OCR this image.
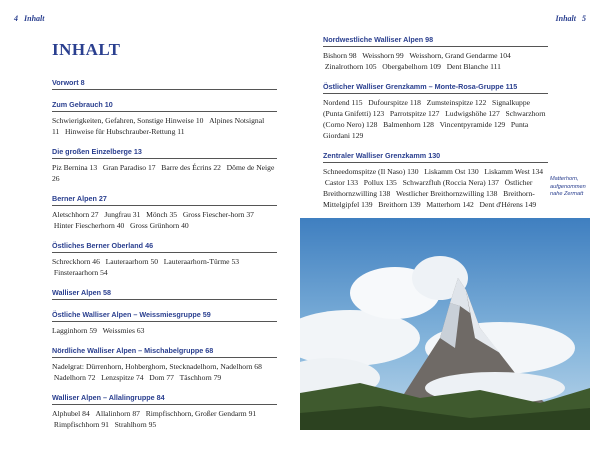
4 Inhalt	Inhalt 5
INHALT
Vorwort 8
Zum Gebrauch 10
Schwierigkeiten, Gefahren, Sonstige Hinweise 10  Alpines Notsignal 11  Hinweise für Hubschrauber-Rettung 11
Die großen Einzelberge 13
Piz Bernina 13  Gran Paradiso 17  Barre des Écrins 22  Dôme de Neige 26
Berner Alpen 27
Aletschhorn 27  Jungfrau 31  Mönch 35  Gross Fiescher-horn 37  Hinter Fiescherhorn 40  Gross Grünhorn 40
Östliches Berner Oberland 46
Schreckhorn 46  Lauteraarhorn 50  Lauteraarhorn-Türme 53  Finsteraarhorn 54
Walliser Alpen 58
Östliche Walliser Alpen – Weissmiesgruppe 59
Lagginhorn 59  Weissmies 63
Nördliche Walliser Alpen – Mischabelgruppe 68
Nadelgrat: Dürrenhorn, Hohberghorn, Stecknadelhorn, Nadelhorn 68  Nadelhorn 72  Lenzspitze 74  Dom 77  Täschhorn 79
Walliser Alpen – Allalingruppe 84
Alphubel 84  Allalinhorn 87  Rimpfischhorn, Großer Gendarm 91  Rimpfischhorn 91  Strahlhorn 95
Nordwestliche Walliser Alpen 98
Bishorn 98  Weisshorn 99  Weisshorn, Grand Gendarme 104  Zinalrothorn 105  Obergabelhorn 109  Dent Blanche 111
Östlicher Walliser Grenzkamm – Monte-Rosa-Gruppe 115
Nordend 115  Dufourspitze 118  Zumsteinspitze 122  Signalkuppe (Punta Gnifetti) 123  Parrotspitze 127  Ludwigshöhe 127  Schwarzhorn (Corno Nero) 128  Balmenhorn 128  Vincentpyramide 129  Punta Giordani 129
Zentraler Walliser Grenzkamm 130
Schneedomspitze (Il Naso) 130  Liskamm Ost 130  Liskamm West 134  Castor 133  Pollux 135  Schwarzfluh (Roccia Nera) 137  Östlicher Breithornzwilling 138  Westlicher Breithornzwilling 138  Breithorn-Mittelgipfel 139  Breithorn 139  Matterhorn 142  Dent d'Hérens 149
Matterhorn, aufgenommen nahe Zermatt
